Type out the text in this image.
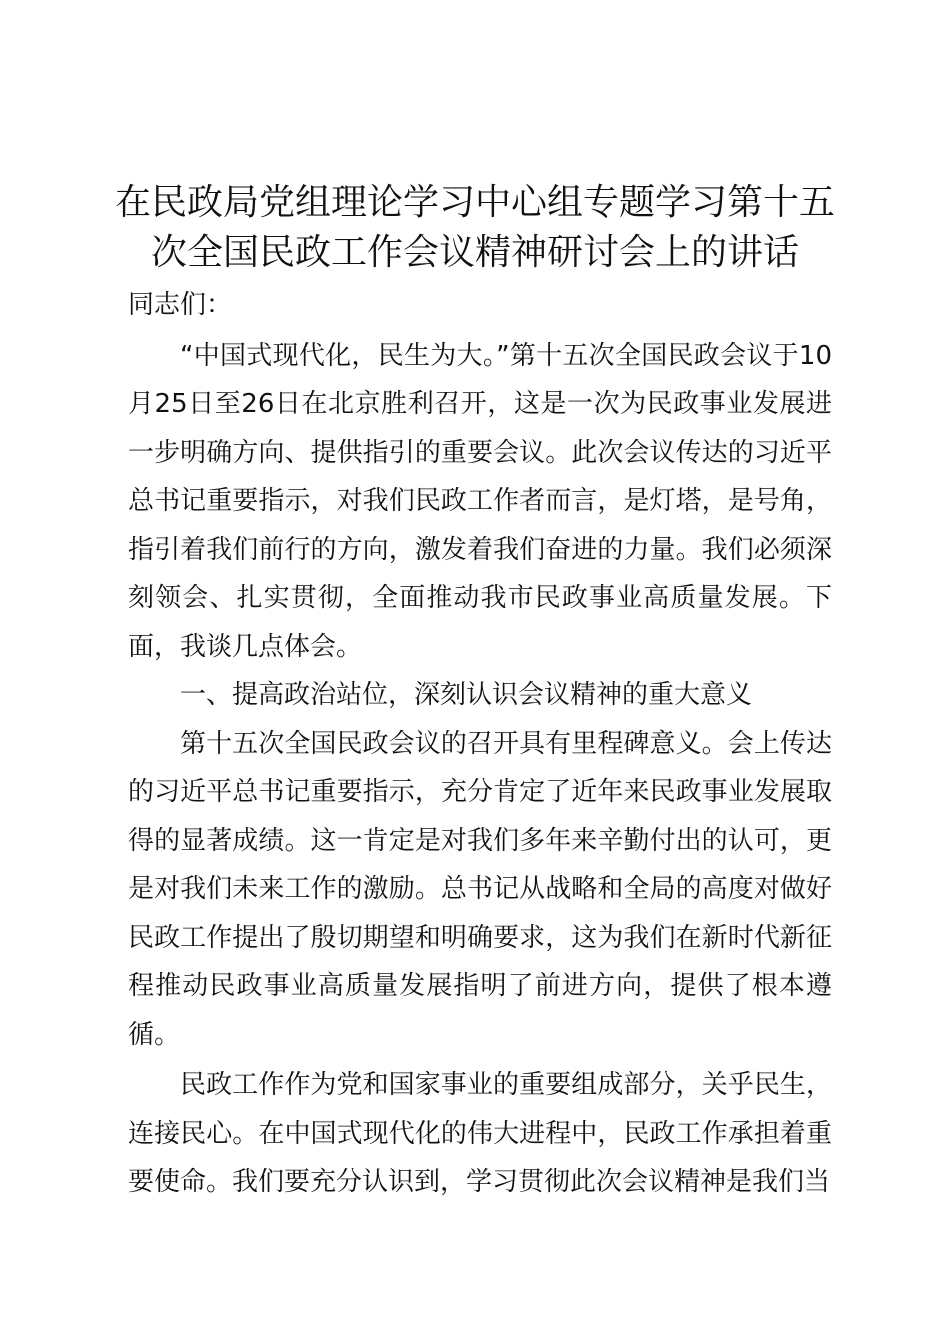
在民政局党组理论学习中心组专题学习第十五
次全国民政工作会议精神研讨会上的讲话

同志们：

“中国式现代化，民生为大。”第十五次全国民政会议于10月25日至26日在北京胜利召开，这是一次为民政事业发展进一步明确方向、提供指引的重要会议。此次会议传达的习近平总书记重要指示，对我们民政工作者而言，是灯塔，是号角，指引着我们前行的方向，激发着我们奋进的力量。我们必须深刻领会、扎实贯彻，全面推动我市民政事业高质量发展。下面，我谈几点体会。

一、提高政治站位，深刻认识会议精神的重大意义

第十五次全国民政会议的召开具有里程碑意义。会上传达的习近平总书记重要指示，充分肯定了近年来民政事业发展取得的显著成绩。这一肯定是对我们多年来辛勤付出的认可，更是对我们未来工作的激励。总书记从战略和全局的高度对做好民政工作提出了殷切期望和明确要求，这为我们在新时代新征程推动民政事业高质量发展指明了前进方向，提供了根本遵循。

民政工作作为党和国家事业的重要组成部分，关乎民生，连接民心。在中国式现代化的伟大进程中，民政工作承担着重要使命。我们要充分认识到，学习贯彻此次会议精神是我们当
